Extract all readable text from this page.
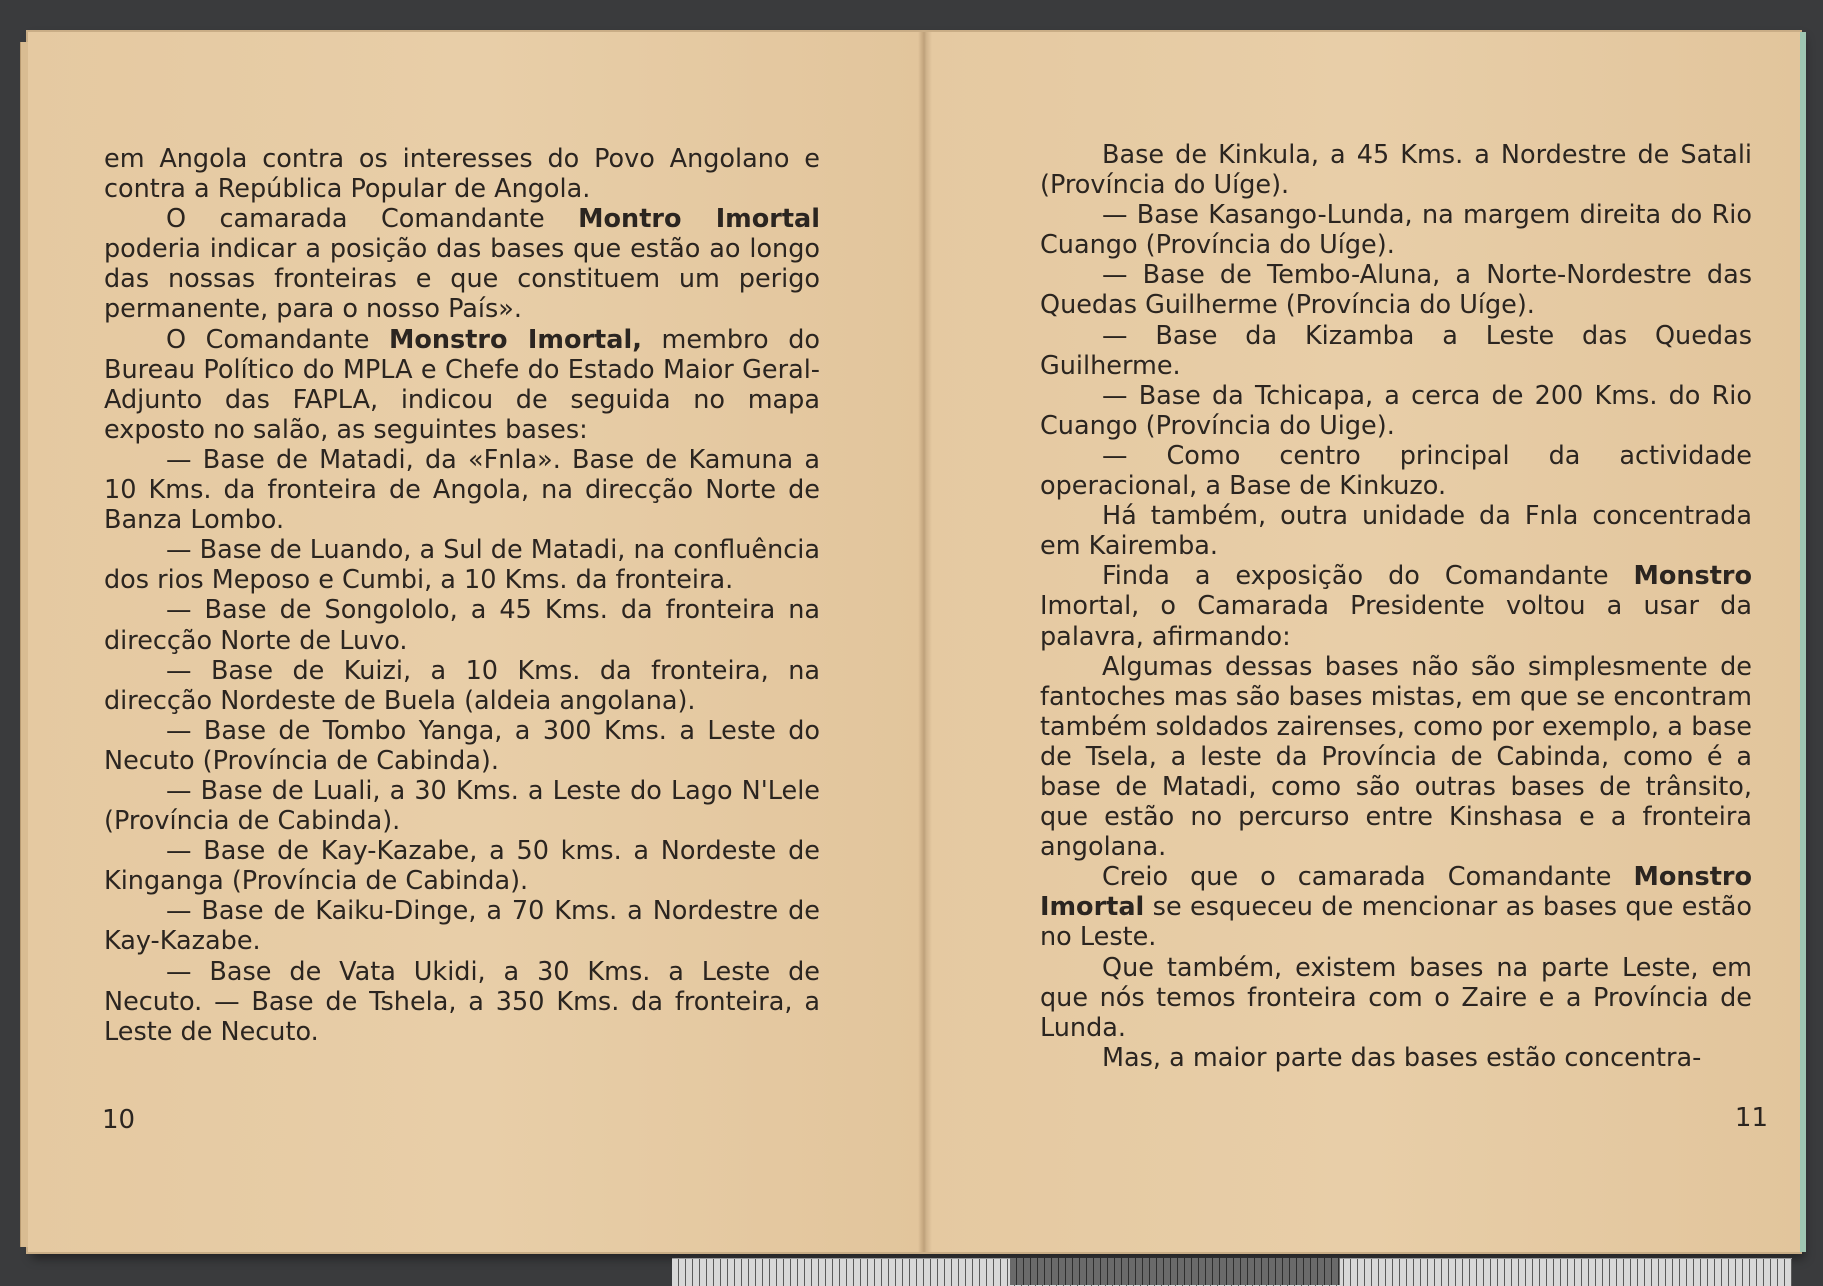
em Angola contra os interesses do Povo Angolano e contra a República Popular de Angola.

O camarada Comandante Montro Imortal poderia indicar a posição das bases que estão ao longo das nossas fronteiras e que constituem um perigo permanente, para o nosso País».

O Comandante Monstro Imortal, membro do Bureau Político do MPLA e Chefe do Estado Maior Geral-Adjunto das FAPLA, indicou de seguida no mapa exposto no salão, as seguintes bases:

— Base de Matadi, da «Fnla». Base de Kamuna a 10 Kms. da fronteira de Angola, na direcção Norte de Banza Lombo.

— Base de Luando, a Sul de Matadi, na confluência dos rios Meposo e Cumbi, a 10 Kms. da fronteira.

— Base de Songololo, a 45 Kms. da fronteira na direcção Norte de Luvo.

— Base de Kuizi, a 10 Kms. da fronteira, na direcção Nordeste de Buela (aldeia angolana).

— Base de Tombo Yanga, a 300 Kms. a Leste do Necuto (Província de Cabinda).

— Base de Luali, a 30 Kms. a Leste do Lago N'Lele (Província de Cabinda).

— Base de Kay-Kazabe, a 50 kms. a Nordeste de Kinganga (Província de Cabinda).

— Base de Kaiku-Dinge, a 70 Kms. a Nordestre de Kay-Kazabe.

— Base de Vata Ukidi, a 30 Kms. a Leste de Necuto. — Base de Tshela, a 350 Kms. da fronteira, a Leste de Necuto.

10

Base de Kinkula, a 45 Kms. a Nordestre de Satali (Província do Uíge).

— Base Kasango-Lunda, na margem direita do Rio Cuango (Província do Uíge).

— Base de Tembo-Aluna, a Norte-Nordestre das Quedas Guilherme (Província do Uíge).

— Base da Kizamba a Leste das Quedas Guilherme.

— Base da Tchicapa, a cerca de 200 Kms. do Rio Cuango (Província do Uige).

— Como centro principal da actividade operacional, a Base de Kinkuzo.

Há também, outra unidade da Fnla concentrada em Kairemba.

Finda a exposição do Comandante Monstro Imortal, o Camarada Presidente voltou a usar da palavra, afirmando:

Algumas dessas bases não são simplesmente de fantoches mas são bases mistas, em que se encontram também soldados zairenses, como por exemplo, a base de Tsela, a leste da Província de Cabinda, como é a base de Matadi, como são outras bases de trânsito, que estão no percurso entre Kinshasa e a fronteira angolana.

Creio que o camarada Comandante Monstro Imortal se esqueceu de mencionar as bases que estão no Leste.

Que também, existem bases na parte Leste, em que nós temos fronteira com o Zaire e a Província de Lunda.

Mas, a maior parte das bases estão concentra-

11
